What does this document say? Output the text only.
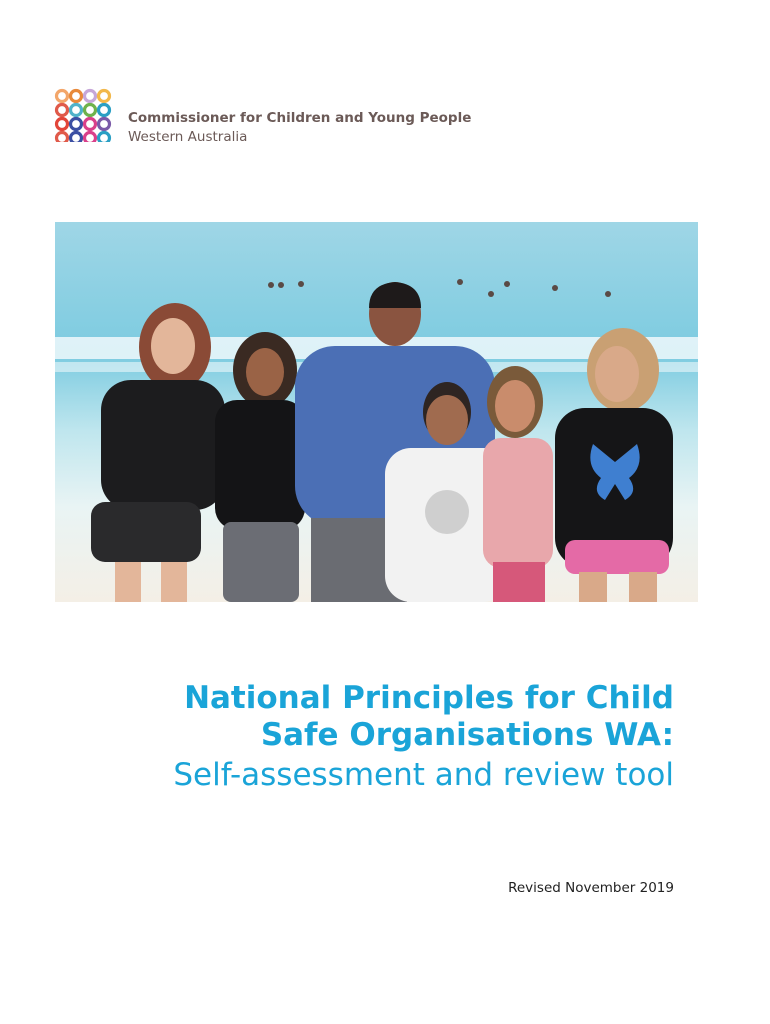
Commissioner for Children and Young People
Western Australia
National Principles for Child
Safe Organisations WA:
Self-assessment and review tool
Revised November 2019
